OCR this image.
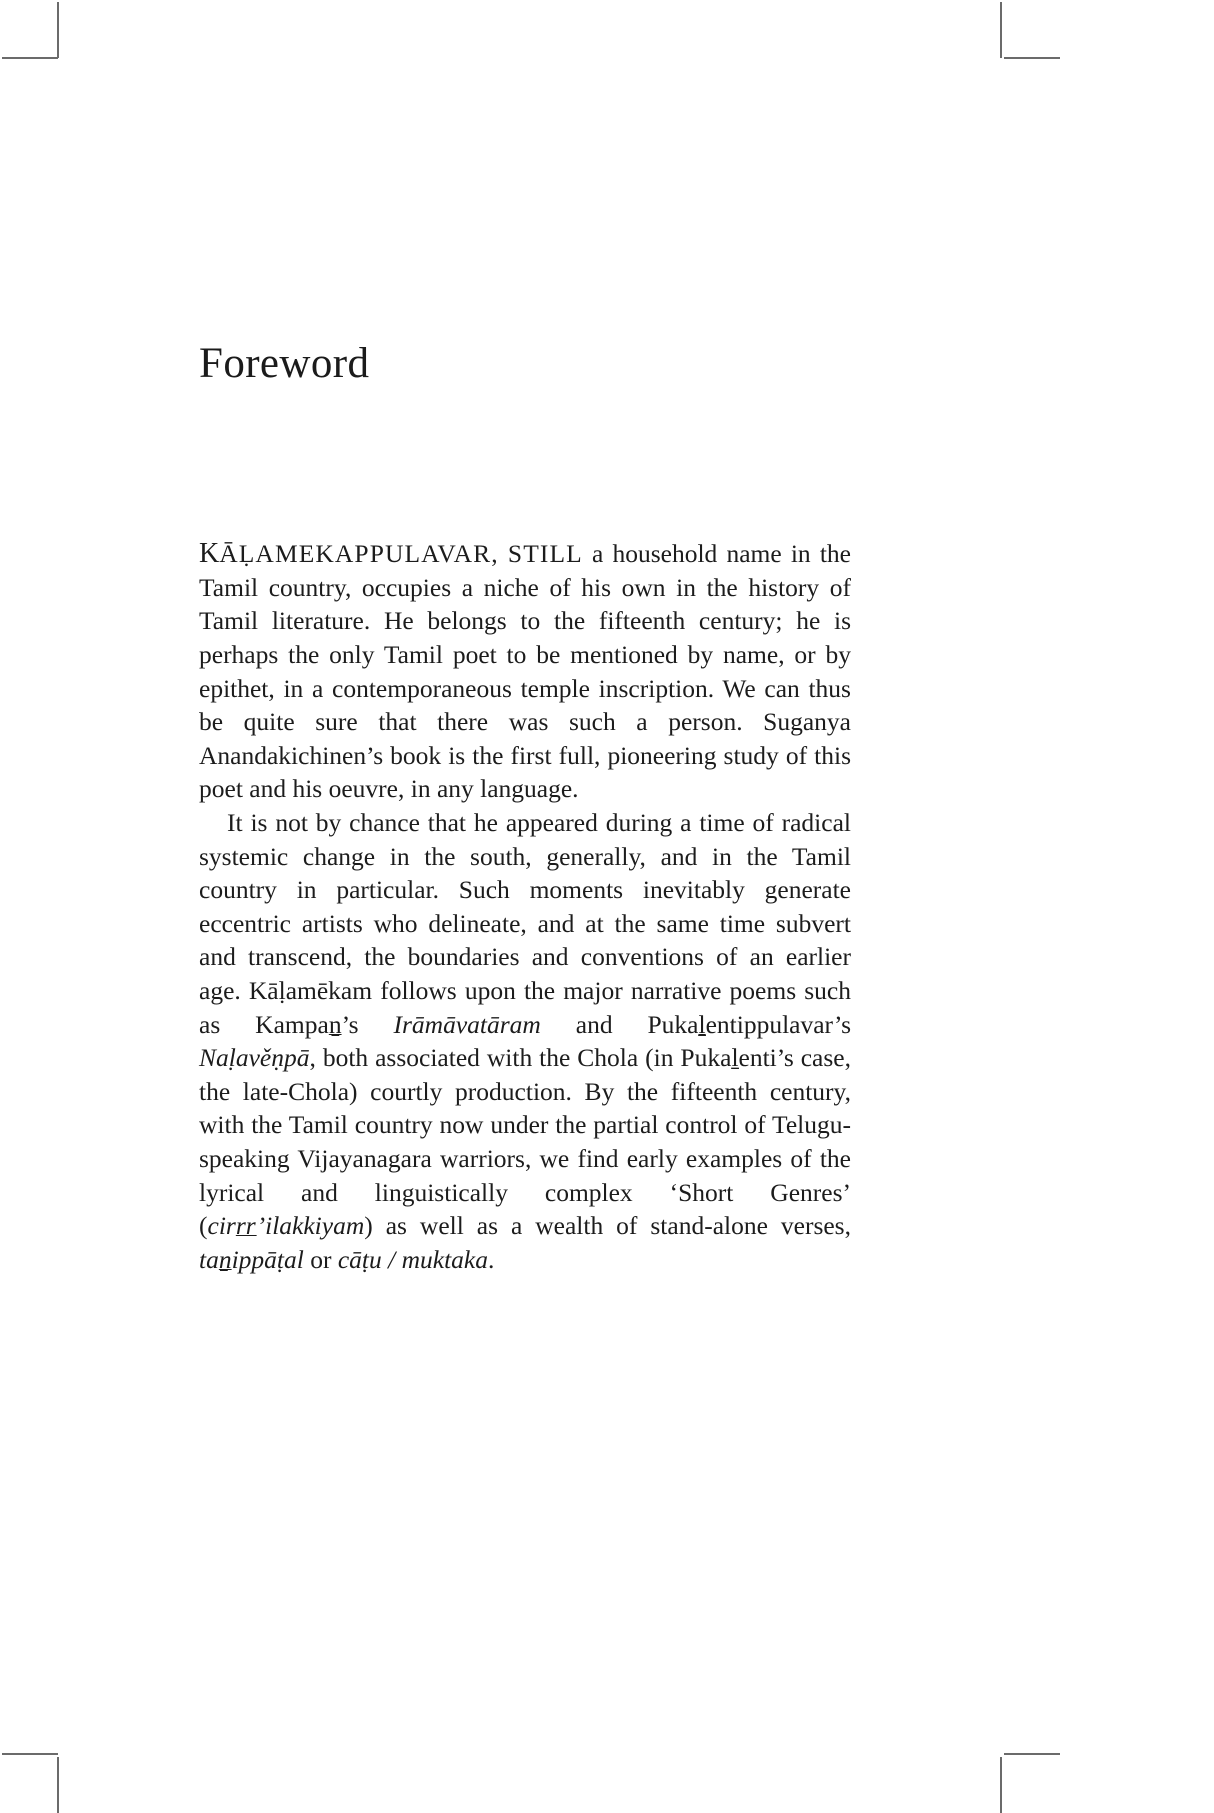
Foreword

KĀḶAMEKAPPULAVAR, STILL a household name in the Tamil country, occupies a niche of his own in the history of Tamil literature. He belongs to the fifteenth century; he is perhaps the only Tamil poet to be mentioned by name, or by epithet, in a contemporaneous temple inscription. We can thus be quite sure that there was such a person. Suganya Anandakichinen’s book is the first full, pioneering study of this poet and his oeuvre, in any language.

It is not by chance that he appeared during a time of radical systemic change in the south, generally, and in the Tamil country in particular. Such moments inevitably generate eccentric artists who delineate, and at the same time subvert and transcend, the boundaries and conventions of an earlier age. Kāḷamēkam follows upon the major narrative poems such as Kampaṉ’s Irāmāvatāram and Pukaḻentippulavar’s Naḷavěṇpā, both associated with the Chola (in Pukaḻenti’s case, the late-Chola) courtly production. By the fifteenth century, with the Tamil country now under the partial control of Telugu-speaking Vijayanagara warriors, we find early examples of the lyrical and linguistically complex ‘Short Genres’ (cirrr’ilakkiyam) as well as a wealth of stand-alone verses, taṉippāṭal or cāṭu / muktaka.
